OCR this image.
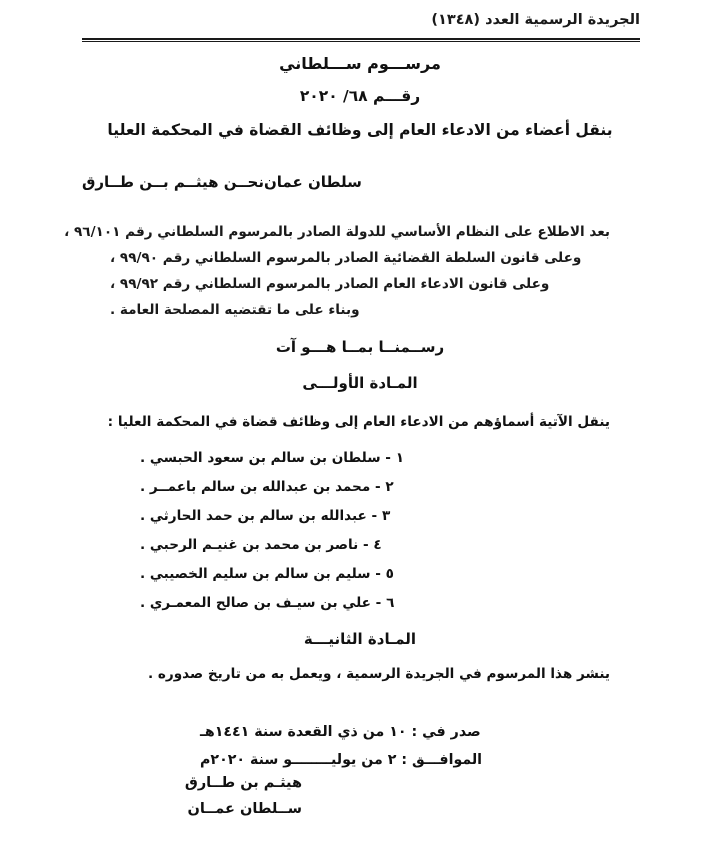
الجريدة الرسمية العدد (١٣٤٨)
مرســـوم ســـلطاني
رقـــم ٦٨/ ٢٠٢٠
بنقل أعضاء من الادعاء العام إلى وظائف القضاة في المحكمة العليا
نحــن هيثــم بــن طــارق سلطان عمان
بعد الاطلاع على النظام الأساسي للدولة الصادر بالمرسوم السلطاني رقم ٩٦/١٠١ ،
وعلى قانون السلطة القضائية الصادر بالمرسوم السلطاني رقم ٩٩/٩٠ ،
وعلى قانون الادعاء العام الصادر بالمرسوم السلطاني رقم ٩٩/٩٢ ،
وبناء على ما تقتضيه المصلحة العامة .
رســمنــا بمــا هـــو آت
المـادة الأولـــى
ينقل الآتية أسماؤهم من الادعاء العام إلى وظائف قضاة في المحكمة العليا :
١ - سلطان بن سالم بن سعود الحبسي .
٢ - محمد بن عبدالله بن سالم باعمــر .
٣ - عبدالله بن سالم بن حمد الحارثي .
٤ - ناصر بن محمد بن غنيـم الرحبي .
٥ - سليم بن سالم بن سليم الخصيبي .
٦ - علي بن سيـف بن صالح المعمـري .
المـادة الثانيـــة
ينشر هذا المرسوم في الجريدة الرسمية ، ويعمل به من تاريخ صدوره .
صدر في : ١٠ من ذي القعدة سنة ١٤٤١هـ
الموافـــق : ٢ من يوليــــــــو سنة ٢٠٢٠م
هيثـم بن طــارق
ســلطان عمــان
